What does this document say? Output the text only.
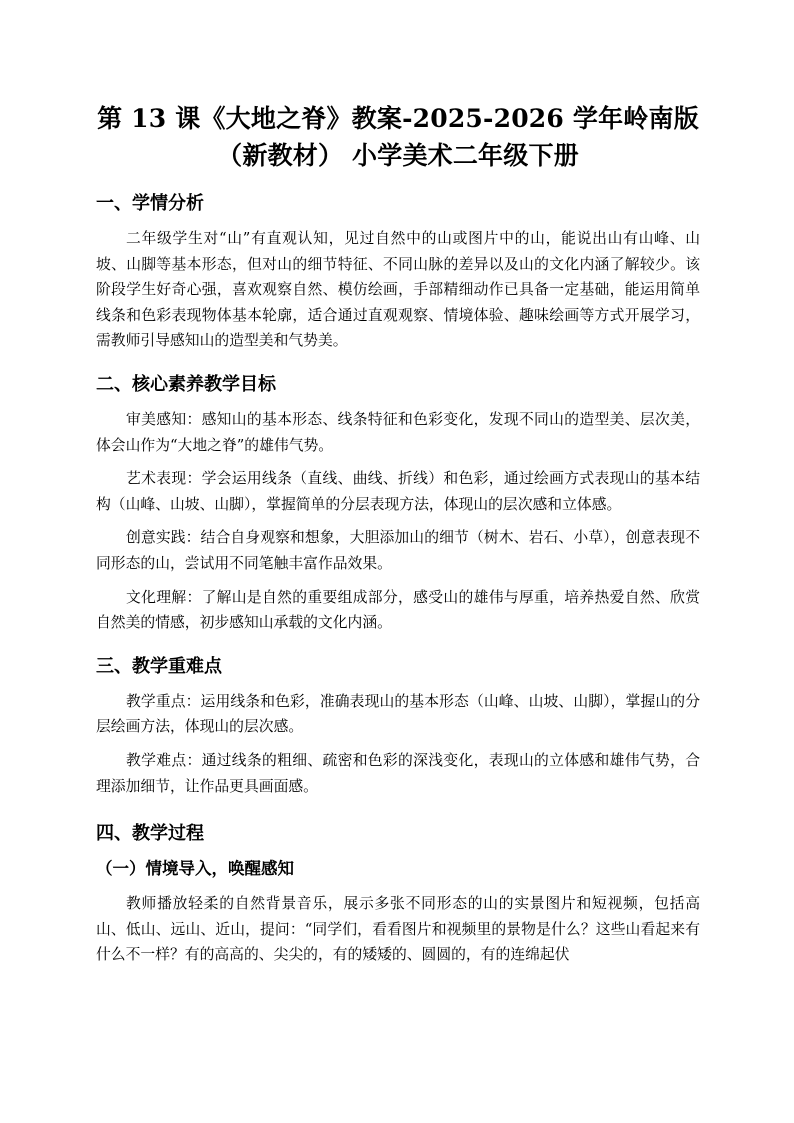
第 13 课《大地之脊》教案-2025-2026 学年岭南版（新教材） 小学美术二年级下册
一、学情分析

二年级学生对“山”有直观认知，见过自然中的山或图片中的山，能说出山有山峰、山坡、山脚等基本形态，但对山的细节特征、不同山脉的差异以及山的文化内涵了解较少。该阶段学生好奇心强，喜欢观察自然、模仿绘画，手部精细动作已具备一定基础，能运用简单线条和色彩表现物体基本轮廓，适合通过直观观察、情境体验、趣味绘画等方式开展学习，需教师引导感知山的造型美和气势美。

二、核心素养教学目标

审美感知：感知山的基本形态、线条特征和色彩变化，发现不同山的造型美、层次美，体会山作为“大地之脊”的雄伟气势。

艺术表现：学会运用线条（直线、曲线、折线）和色彩，通过绘画方式表现山的基本结构（山峰、山坡、山脚），掌握简单的分层表现方法，体现山的层次感和立体感。

创意实践：结合自身观察和想象，大胆添加山的细节（树木、岩石、小草），创意表现不同形态的山，尝试用不同笔触丰富作品效果。

文化理解：了解山是自然的重要组成部分，感受山的雄伟与厚重，培养热爱自然、欣赏自然美的情感，初步感知山承载的文化内涵。

三、教学重难点

教学重点：运用线条和色彩，准确表现山的基本形态（山峰、山坡、山脚），掌握山的分层绘画方法，体现山的层次感。

教学难点：通过线条的粗细、疏密和色彩的深浅变化，表现山的立体感和雄伟气势，合理添加细节，让作品更具画面感。

四、教学过程
（一）情境导入，唤醒感知

教师播放轻柔的自然背景音乐，展示多张不同形态的山的实景图片和短视频，包括高山、低山、远山、近山，提问：“同学们，看看图片和视频里的景物是什么？这些山看起来有什么不一样？有的高高的、尖尖的，有的矮矮的、圆圆的，有的连绵起伏
